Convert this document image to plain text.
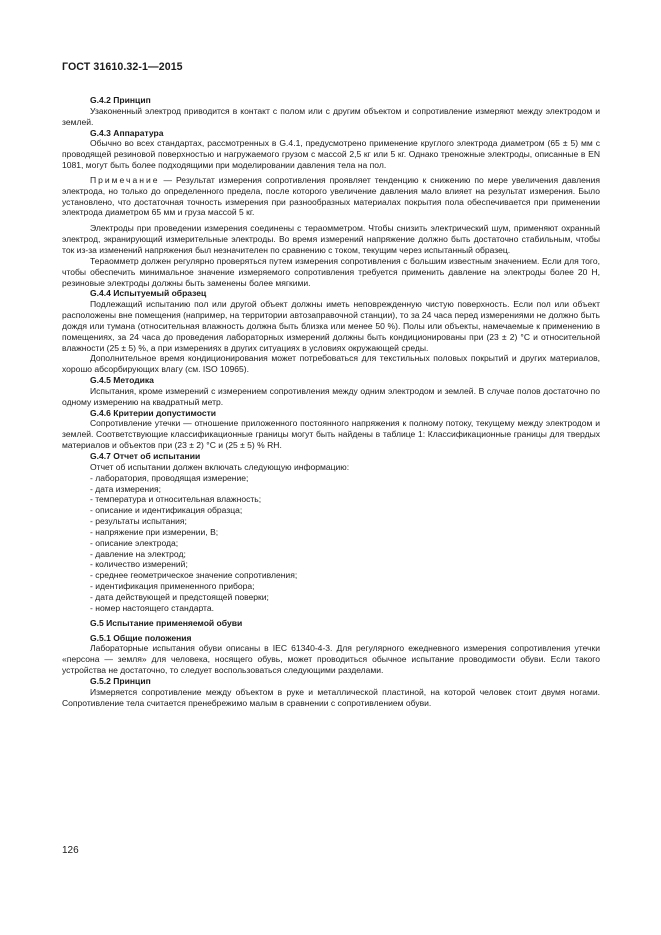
ГОСТ 31610.32-1—2015
G.4.2 Принцип

Узаконенный электрод приводится в контакт с полом или с другим объектом и сопротивление измеряют между электродом и землей.

G.4.3 Аппаратура

Обычно во всех стандартах, рассмотренных в G.4.1, предусмотрено применение круглого электрода диаметром (65 ± 5) мм с проводящей резиновой поверхностью и нагружаемого грузом с массой 2,5 кг или 5 кг. Однако треножные электроды, описанные в EN 1081, могут быть более подходящими при моделировании давления тела на пол.

Примечание — Результат измерения сопротивления проявляет тенденцию к снижению по мере увеличения давления электрода, но только до определенного предела, после которого увеличение давления мало влияет на результат измерения. Было установлено, что достаточная точность измерения при разнообразных материалах покрытия пола обеспечивается при применении электрода диаметром 65 мм и груза массой 5 кг.

Электроды при проведении измерения соединены с тераомметром. Чтобы снизить электрический шум, применяют охранный электрод, экранирующий измерительные электроды. Во время измерений напряжение должно быть достаточно стабильным, чтобы ток из-за изменений напряжения был незначителен по сравнению с током, текущим через испытанный образец.

Тераомметр должен регулярно проверяться путем измерения сопротивления с большим известным значением. Если для того, чтобы обеспечить минимальное значение измеряемого сопротивления требуется применить давление на электроды более 20 Н, резиновые электроды должны быть заменены более мягкими.

G.4.4 Испытуемый образец

Подлежащий испытанию пол или другой объект должны иметь неповрежденную чистую поверхность. Если пол или объект расположены вне помещения (например, на территории автозаправочной станции), то за 24 часа перед измерениями не должно быть дождя или тумана (относительная влажность должна быть близка или менее 50 %). Полы или объекты, намечаемые к применению в помещениях, за 24 часа до проведения лабораторных измерений должны быть кондиционированы при (23 ± 2) °С и относительной влажности (25 ± 5) %, а при измерениях в других ситуациях в условиях окружающей среды.

Дополнительное время кондиционирования может потребоваться для текстильных половых покрытий и других материалов, хорошо абсорбирующих влагу (см. ISO 10965).

G.4.5 Методика

Испытания, кроме измерений с измерением сопротивления между одним электродом и землей. В случае полов достаточно по одному измерению на квадратный метр.

G.4.6 Критерии допустимости

Сопротивление утечки — отношение приложенного постоянного напряжения к полному потоку, текущему между электродом и землей. Соответствующие классификационные границы могут быть найдены в таблице 1: Классификационные границы для твердых материалов и объектов при (23 ± 2) °С и (25 ± 5) % RH.

G.4.7 Отчет об испытании
Отчет об испытании должен включать следующую информацию:
- лаборатория, проводящая измерение;
- дата измерения;
- температура и относительная влажность;
- описание и идентификация образца;
- результаты испытания;
- напряжение при измерении, В;
- описание электрода;
- давление на электрод;
- количество измерений;
- среднее геометрическое значение сопротивления;
- идентификация примененного прибора;
- дата действующей и предстоящей поверки;
- номер настоящего стандарта.
G.5 Испытание применяемой обуви
G.5.1 Общие положения

Лабораторные испытания обуви описаны в IEC 61340-4-3. Для регулярного ежедневного измерения сопротивления утечки «персона — земля» для человека, носящего обувь, может проводиться обычное испытание проводимости обуви. Если такого устройства не достаточно, то следует воспользоваться следующими разделами.

G.5.2 Принцип

Измеряется сопротивление между объектом в руке и металлической пластиной, на которой человек стоит двумя ногами. Сопротивление тела считается пренебрежимо малым в сравнении с сопротивлением обуви.

126
